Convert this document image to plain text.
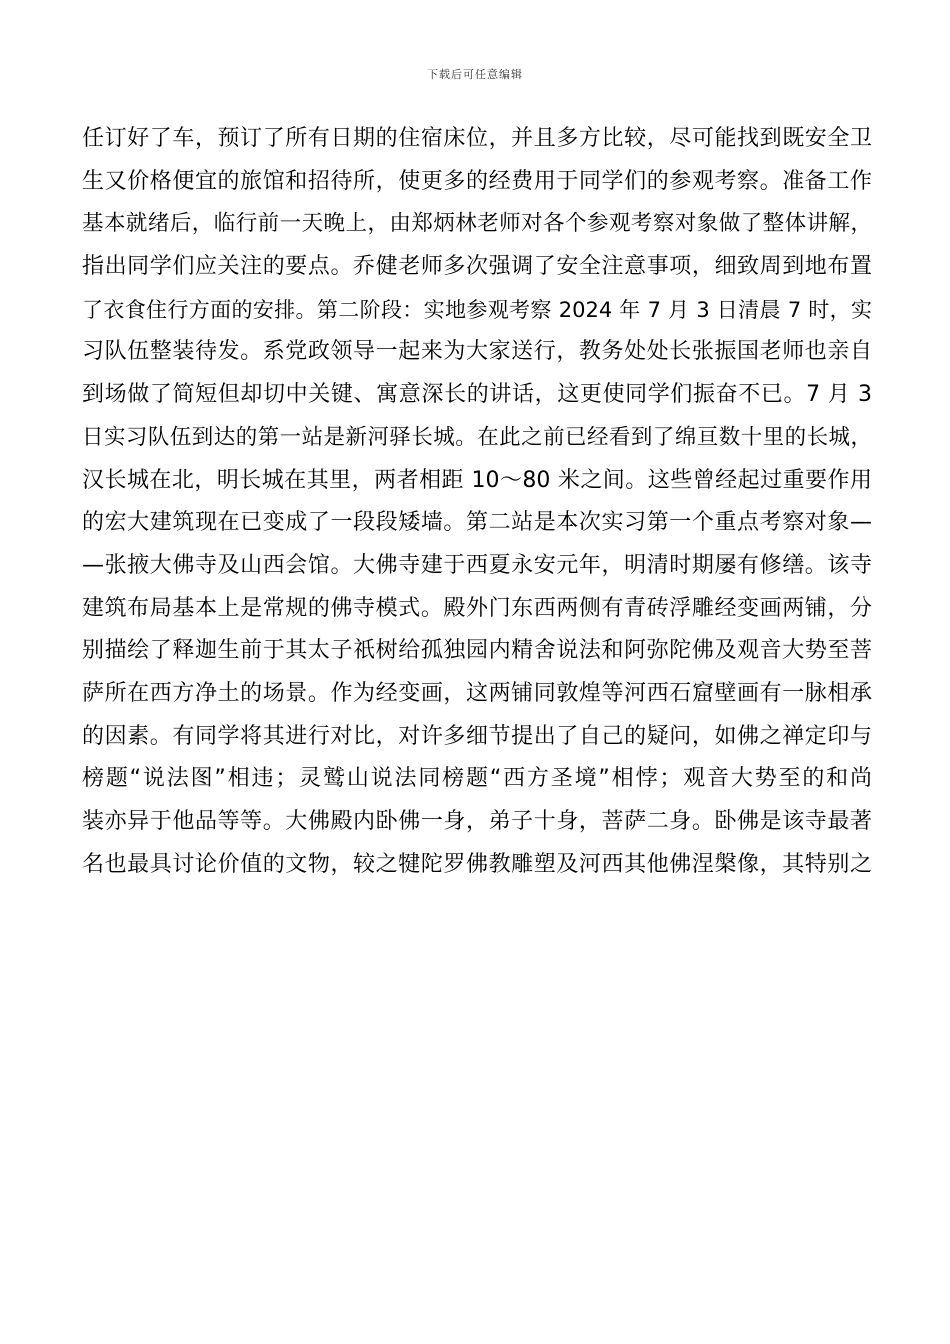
下载后可任意编辑
任订好了车，预订了所有日期的住宿床位，并且多方比较，尽可能找到既安全卫
生又价格便宜的旅馆和招待所，使更多的经费用于同学们的参观考察。准备工作
基本就绪后，临行前一天晚上，由郑炳林老师对各个参观考察对象做了整体讲解，
指出同学们应关注的要点。乔健老师多次强调了安全注意事项，细致周到地布置
了衣食住行方面的安排。第二阶段：实地参观考察 2024 年 7 月 3 日清晨 7 时，实
习队伍整装待发。系党政领导一起来为大家送行，教务处处长张振国老师也亲自
到场做了简短但却切中关键、寓意深长的讲话，这更使同学们振奋不已。7 月 3
日实习队伍到达的第一站是新河驿长城。在此之前已经看到了绵亘数十里的长城，
汉长城在北，明长城在其里，两者相距 10～80 米之间。这些曾经起过重要作用
的宏大建筑现在已变成了一段段矮墙。第二站是本次实习第一个重点考察对象—
—张掖大佛寺及山西会馆。大佛寺建于西夏永安元年，明清时期屡有修缮。该寺
建筑布局基本上是常规的佛寺模式。殿外门东西两侧有青砖浮雕经变画两铺，分
别描绘了释迦生前于其太子祇树给孤独园内精舍说法和阿弥陀佛及观音大势至菩
萨所在西方净土的场景。作为经变画，这两铺同敦煌等河西石窟壁画有一脉相承
的因素。有同学将其进行对比，对许多细节提出了自己的疑问，如佛之禅定印与
榜题“说法图”相违；灵鹫山说法同榜题“西方圣境”相悖；观音大势至的和尚
装亦异于他品等等。大佛殿内卧佛一身，弟子十身，菩萨二身。卧佛是该寺最著
名也最具讨论价值的文物，较之犍陀罗佛教雕塑及河西其他佛涅槃像，其特别之
